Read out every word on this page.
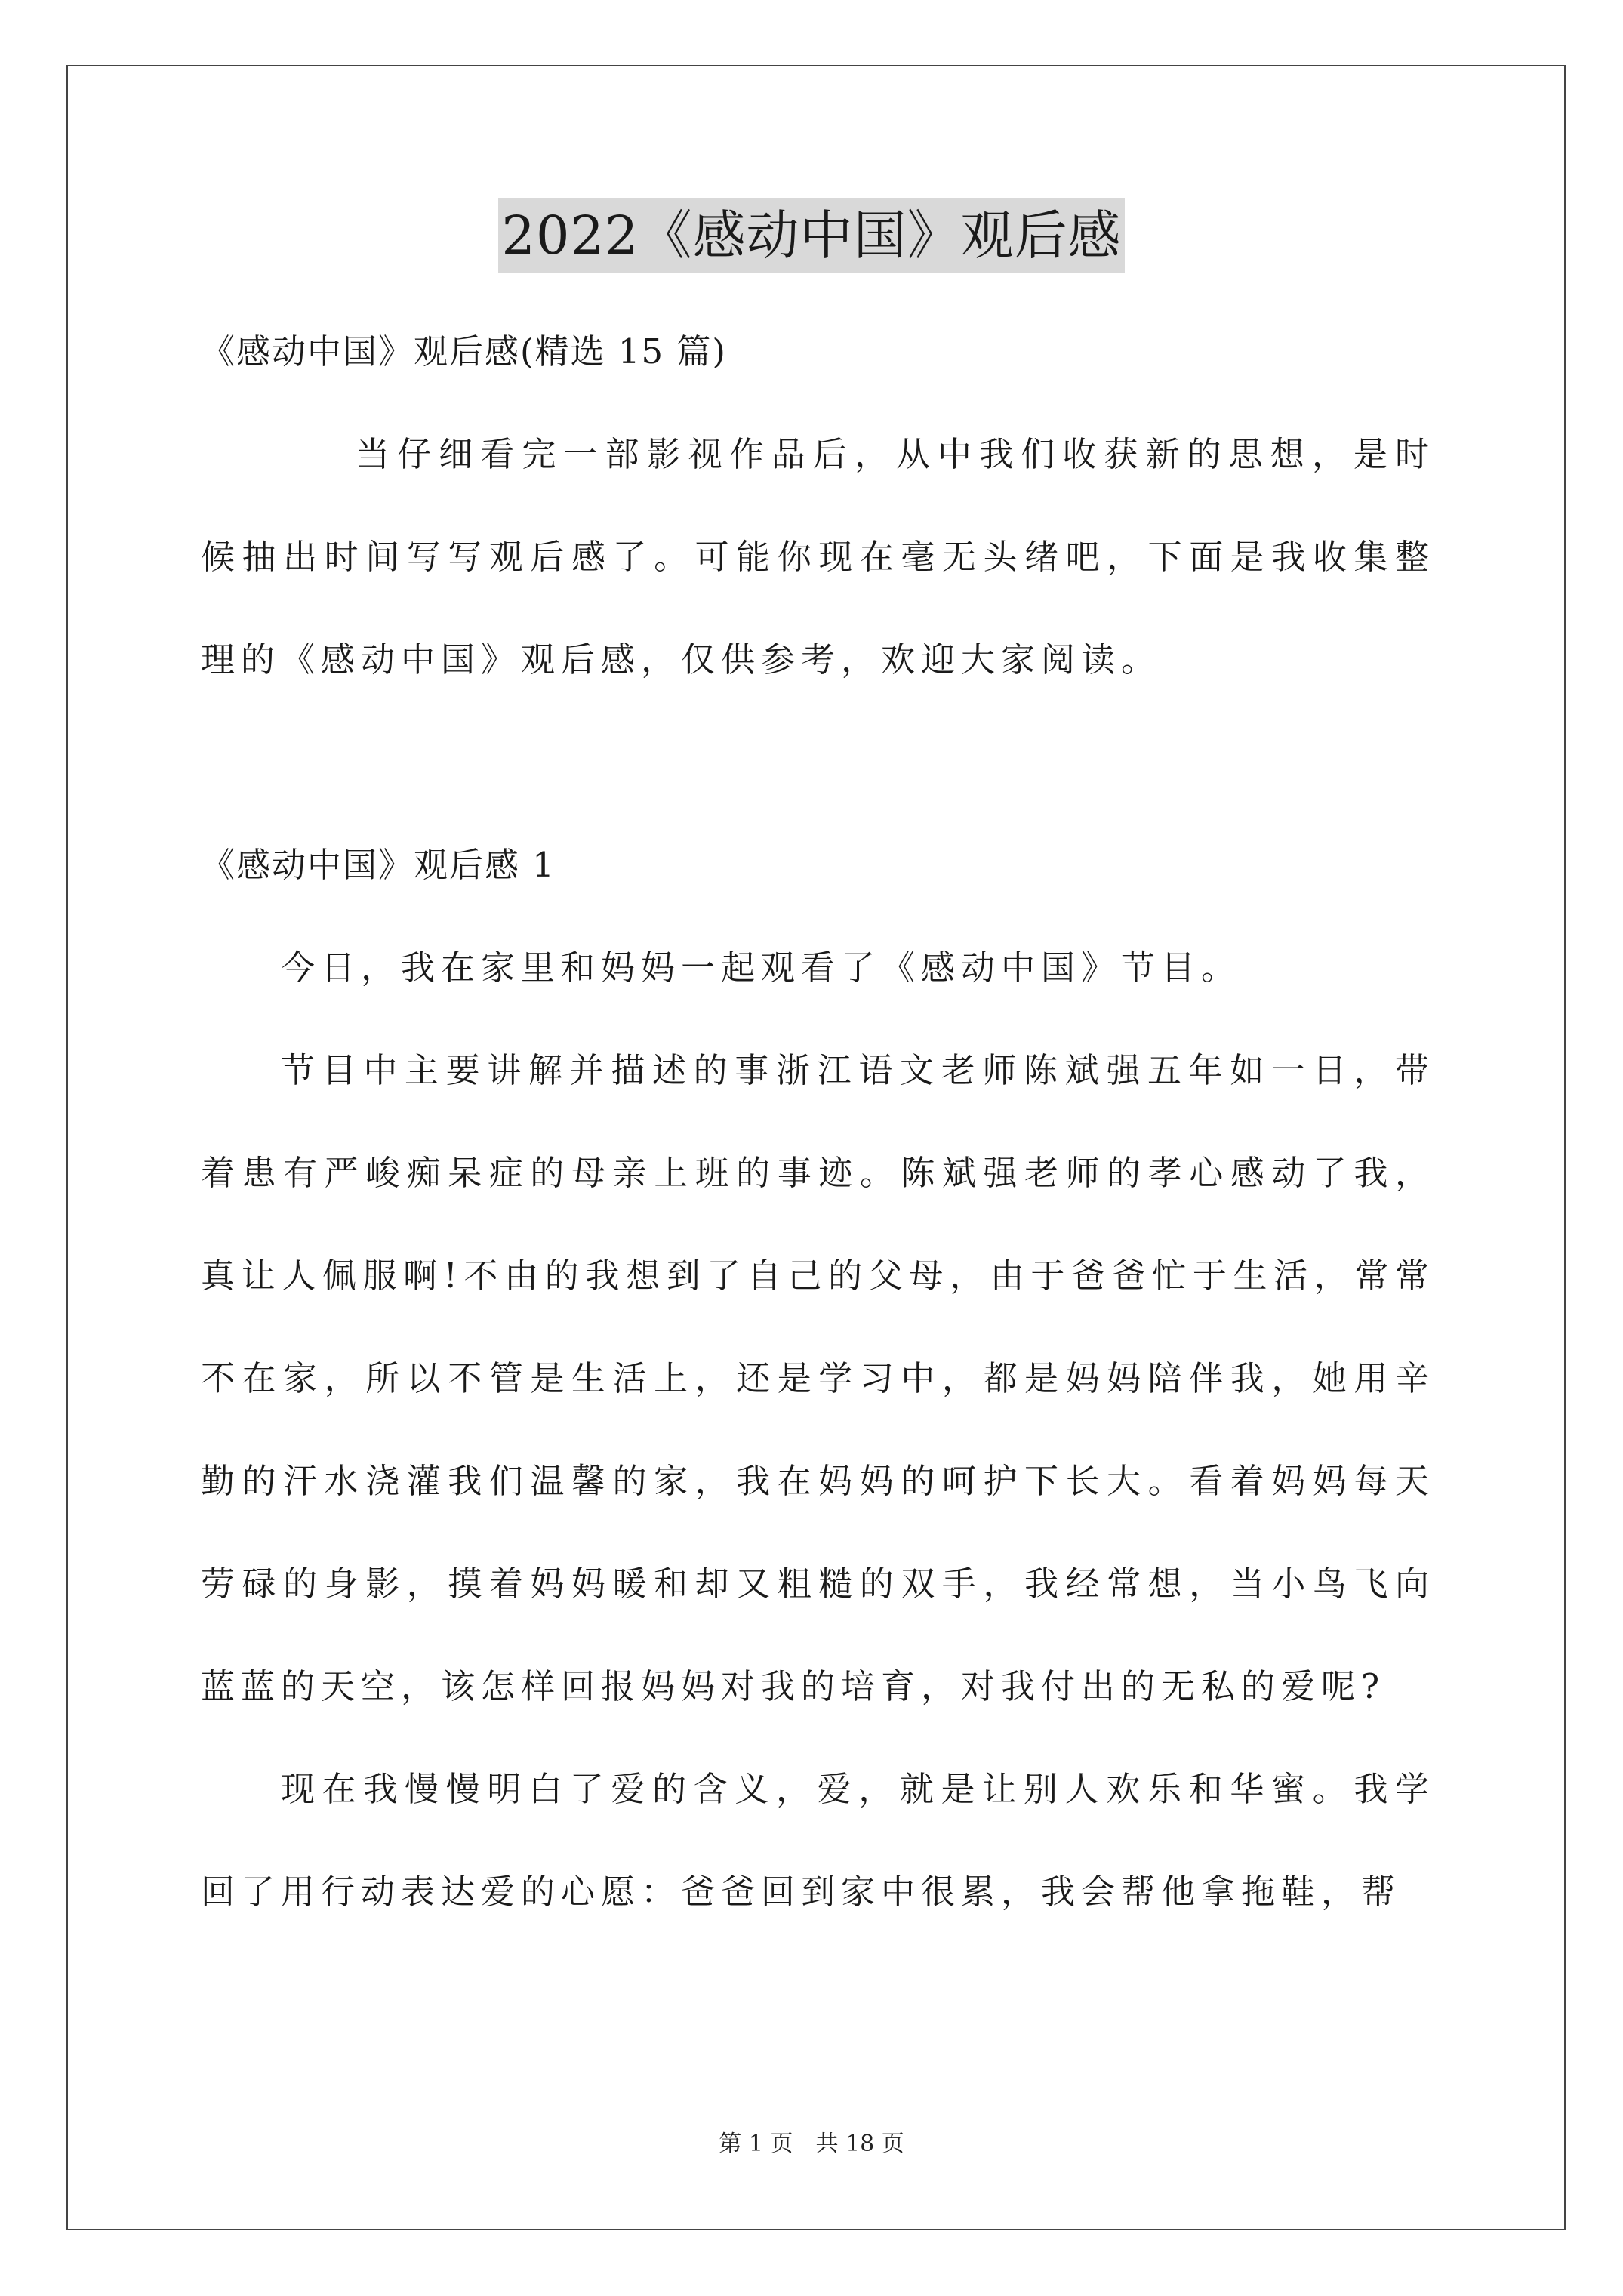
2022《感动中国》观后感

《感动中国》观后感(精选 15 篇)

当仔细看完一部影视作品后，从中我们收获新的思想，是时候抽出时间写写观后感了。可能你现在毫无头绪吧，下面是我收集整理的《感动中国》观后感，仅供参考，欢迎大家阅读。

《感动中国》观后感 1

今日，我在家里和妈妈一起观看了《感动中国》节目。

节目中主要讲解并描述的事浙江语文老师陈斌强五年如一日，带着患有严峻痴呆症的母亲上班的事迹。陈斌强老师的孝心感动了我，真让人佩服啊!不由的我想到了自己的父母，由于爸爸忙于生活，常常不在家，所以不管是生活上，还是学习中，都是妈妈陪伴我，她用辛勤的汗水浇灌我们温馨的家，我在妈妈的呵护下长大。看着妈妈每天劳碌的身影，摸着妈妈暖和却又粗糙的双手，我经常想，当小鸟飞向蓝蓝的天空，该怎样回报妈妈对我的培育，对我付出的无私的爱呢?

现在我慢慢明白了爱的含义，爱，就是让别人欢乐和华蜜。我学回了用行动表达爱的心愿：爸爸回到家中很累，我会帮他拿拖鞋，帮

第 1 页　共 18 页
